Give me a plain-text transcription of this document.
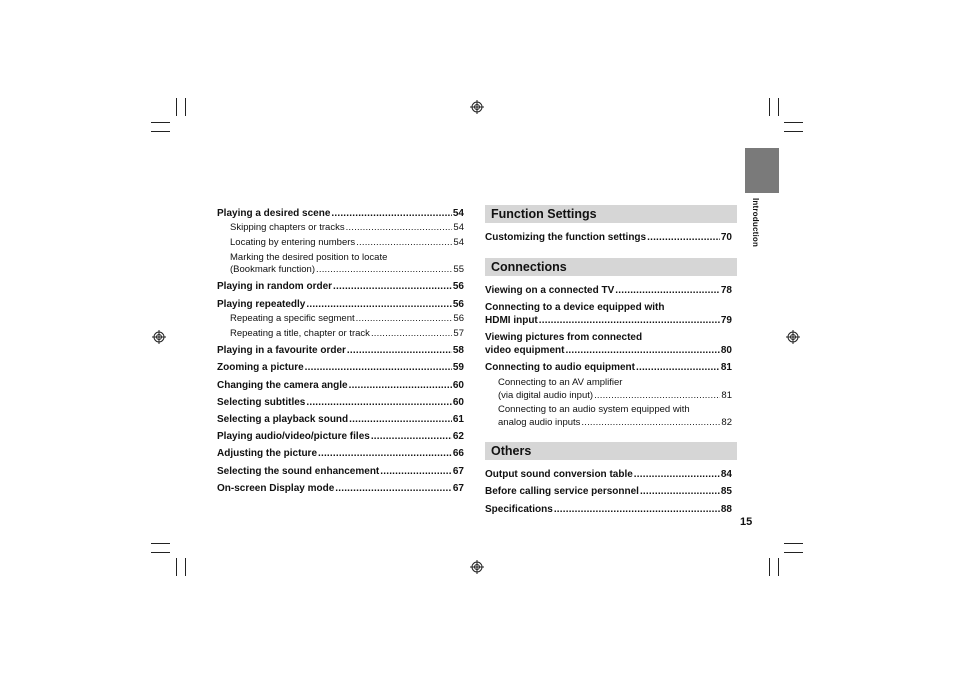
Introduction
Playing a desired scene .....	54
Skipping chapters or tracks .....	54
Locating by entering numbers .....	54
Marking the desired position to locate
(Bookmark function) .....	55
Playing in random order .....	56
Playing repeatedly .....	56
Repeating a specific segment .....	56
Repeating a title, chapter or track .....	57
Playing in a favourite order .....	58
Zooming a picture .....	59
Changing the camera angle .....	60
Selecting subtitles .....	60
Selecting a playback sound .....	61
Playing audio/video/picture files .....	62
Adjusting the picture .....	66
Selecting the sound enhancement .....	67
On-screen Display mode .....	67
Function Settings
Customizing the function settings .....	70
Connections
Viewing on a connected TV .....	78
Connecting to a device equipped with
HDMI input .....	79
Viewing pictures from connected
video equipment .....	80
Connecting to audio equipment .....	81
Connecting to an AV amplifier
(via digital audio input) .....	81
Connecting to an audio system equipped with
analog audio inputs .....	82
Others
Output sound conversion table .....	84
Before calling service personnel .....	85
Specifications .....	88
15
